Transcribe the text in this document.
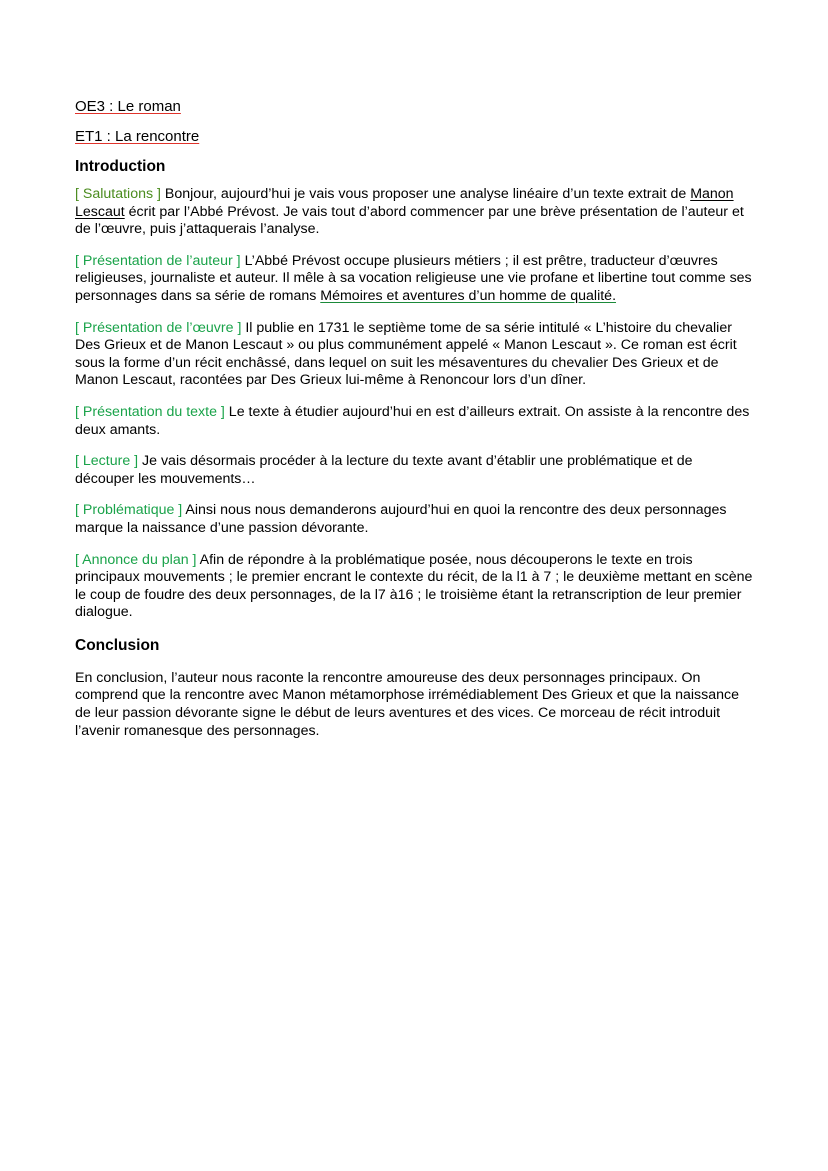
OE3 : Le roman
ET1 : La rencontre
Introduction

[ Salutations ] Bonjour, aujourd’hui je vais vous proposer une analyse linéaire d’un texte extrait de Manon Lescaut écrit par l’Abbé Prévost. Je vais tout d’abord commencer par une brève présentation de l’auteur et de l’œuvre, puis j’attaquerais l’analyse.

[ Présentation de l’auteur ] L’Abbé Prévost occupe plusieurs métiers ; il est prêtre, traducteur d’œuvres religieuses, journaliste et auteur. Il mêle à sa vocation religieuse une vie profane et libertine tout comme ses personnages dans sa série de romans Mémoires et aventures d’un homme de qualité.

[ Présentation de l’œuvre ] Il publie en 1731 le septième tome de sa série intitulé « L’histoire du chevalier Des Grieux et de Manon Lescaut » ou plus communément appelé « Manon Lescaut ». Ce roman est écrit sous la forme d’un récit enchâssé, dans lequel on suit les mésaventures du chevalier Des Grieux et de Manon Lescaut, racontées par Des Grieux lui-même à Renoncour lors d’un dîner.

[ Présentation du texte ] Le texte à étudier aujourd’hui en est d’ailleurs extrait. On assiste à la rencontre des deux amants.

[ Lecture ] Je vais désormais procéder à la lecture du texte avant d’établir une problématique et de découper les mouvements…

[ Problématique ] Ainsi nous nous demanderons aujourd’hui en quoi la rencontre des deux personnages marque la naissance d’une passion dévorante.

[ Annonce du plan ] Afin de répondre à la problématique posée, nous découperons le texte en trois principaux mouvements ; le premier encrant le contexte du récit, de la l1 à 7 ; le deuxième mettant en scène le coup de foudre des deux personnages, de la l7 à16 ; le troisième étant la retranscription de leur premier dialogue.

Conclusion

En conclusion, l’auteur nous raconte la rencontre amoureuse des deux personnages principaux. On comprend que la rencontre avec Manon métamorphose irrémédiablement Des Grieux et que la naissance de leur passion dévorante signe le début de leurs aventures et des vices. Ce morceau de récit introduit l’avenir romanesque des personnages.
